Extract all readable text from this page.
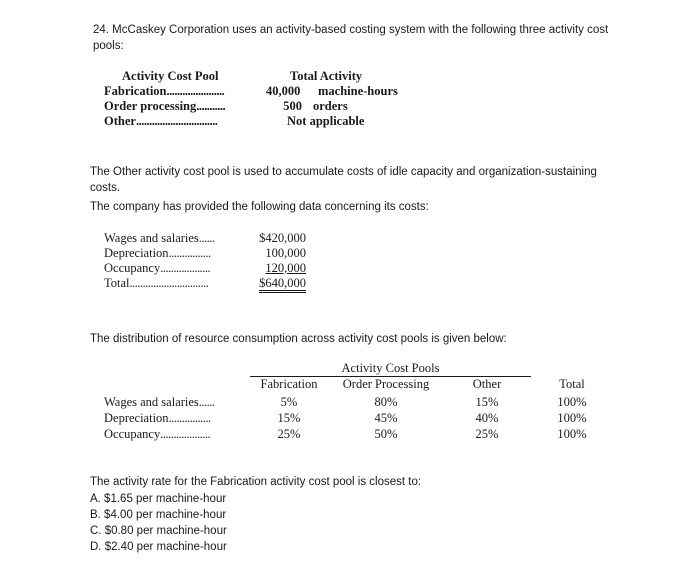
24. McCaskey Corporation uses an activity-based costing system with the following three activity cost
pools:
Activity Cost Pool	Total Activity
Fabrication......................	40,000 machine-hours
Order processing...........	500 orders
Other...............................	Not applicable
The Other activity cost pool is used to accumulate costs of idle capacity and organization-sustaining
costs.
The company has provided the following data concerning its costs:
Wages and salaries......	$420,000
Depreciation................	100,000
Occupancy...................	120,000
Total..............................	$640,000
The distribution of resource consumption across activity cost pools is given below:
Activity Cost Pools
Fabrication	Order Processing	Other	Total
Wages and salaries......	5%	80%	15%	100%
Depreciation................	15%	45%	40%	100%
Occupancy...................	25%	50%	25%	100%
The activity rate for the Fabrication activity cost pool is closest to:
A. $1.65 per machine-hour
B. $4.00 per machine-hour
C. $0.80 per machine-hour
D. $2.40 per machine-hour
